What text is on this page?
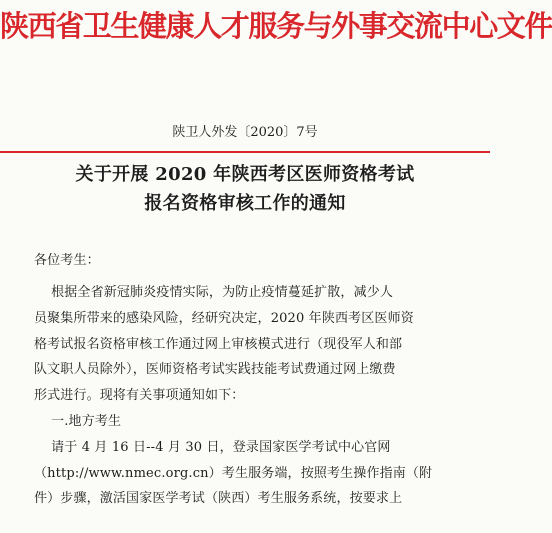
陕西省卫生健康人才服务与外事交流中心文件
陕卫人外发〔2020〕7号
关于开展 2020 年陕西考区医师资格考试
报名资格审核工作的通知
各位考生：
根据全省新冠肺炎疫情实际，为防止疫情蔓延扩散，减少人
员聚集所带来的感染风险，经研究决定，2020 年陕西考区医师资
格考试报名资格审核工作通过网上审核模式进行（现役军人和部
队文职人员除外），医师资格考试实践技能考试费通过网上缴费
形式进行。现将有关事项通知如下：
一.地方考生
请于 4 月 16 日--4 月 30 日，登录国家医学考试中心官网
（http://www.nmec.org.cn）考生服务端，按照考生操作指南（附
件）步骤，激活国家医学考试（陕西）考生服务系统，按要求上
